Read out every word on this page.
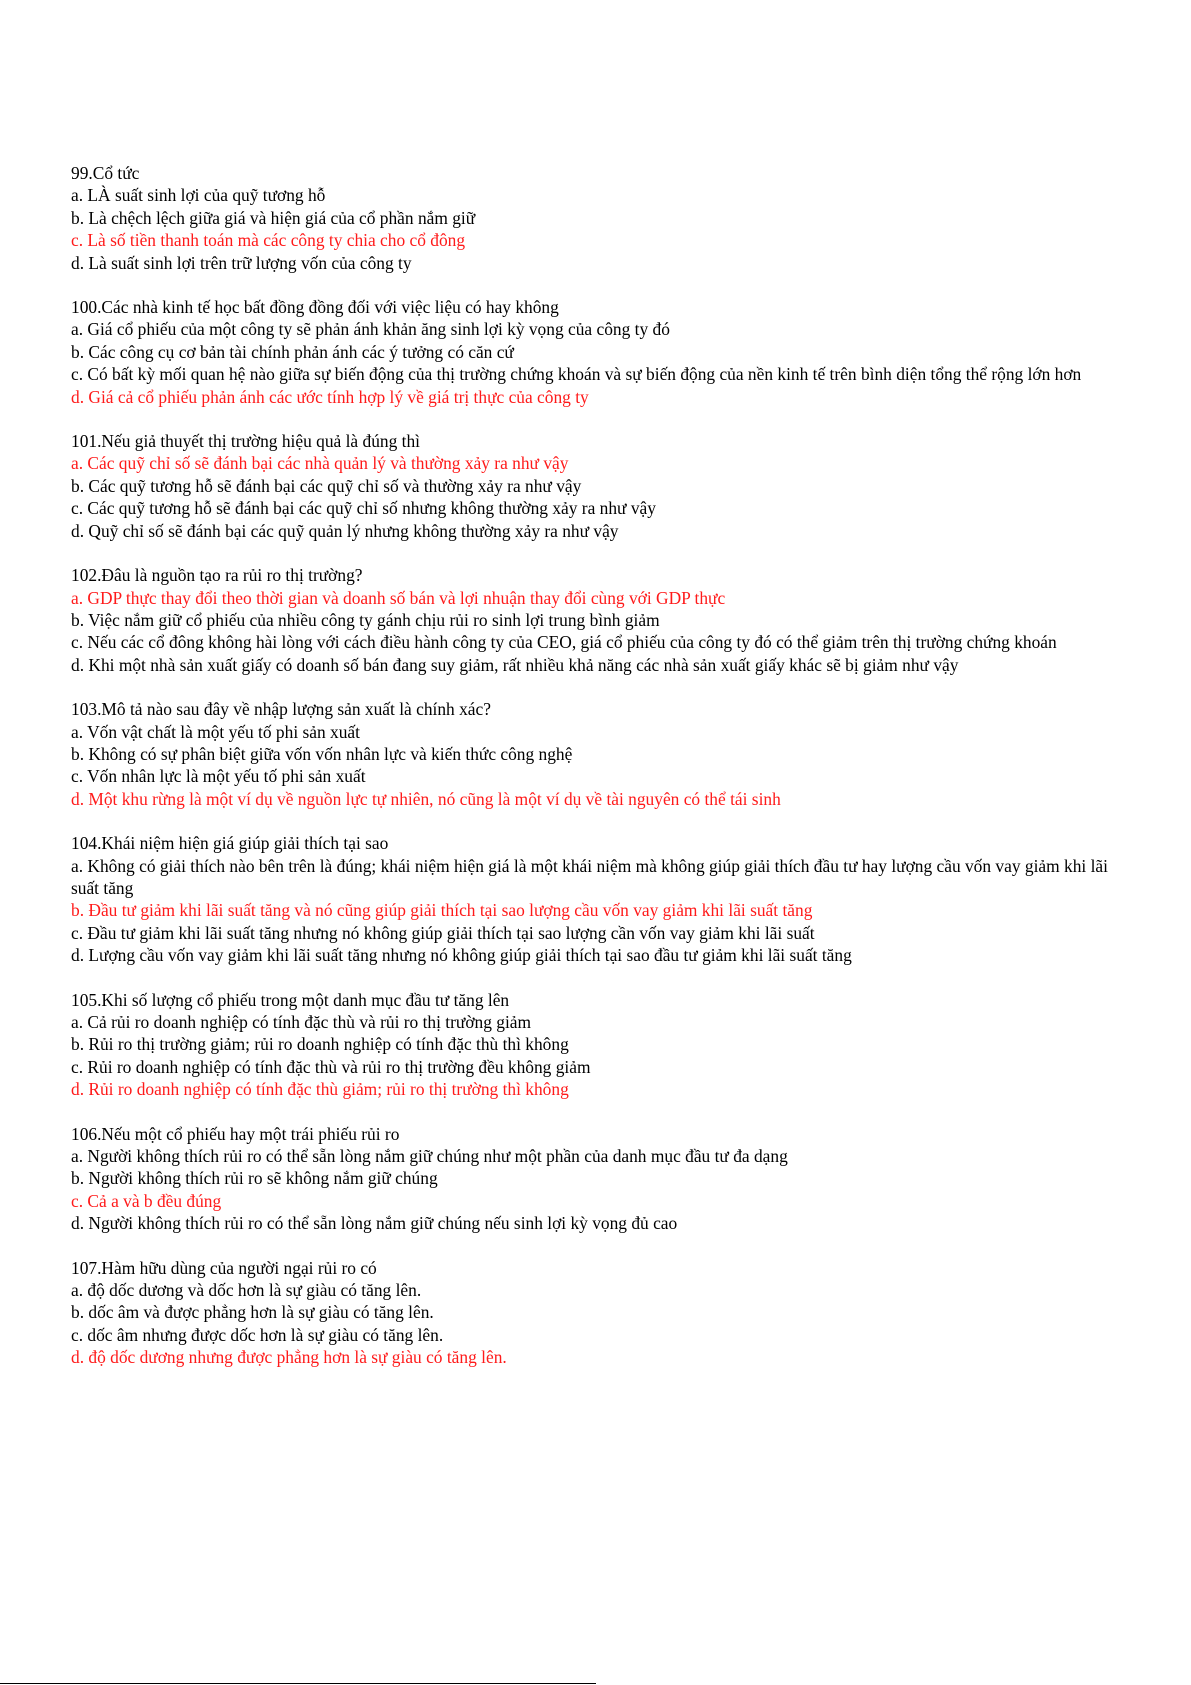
99.Cổ tức
a. LÀ suất sinh lợi của quỹ tương hỗ
b. Là chệch lệch giữa giá và hiện giá của cổ phần nắm giữ
c. Là số tiền thanh toán mà các công ty chia cho cổ đông
d. Là suất sinh lợi trên trữ lượng vốn của công ty
100.Các nhà kinh tế học bất đồng đồng đối với việc liệu có hay không
a. Giá cổ phiếu của một công ty sẽ phản ánh khản ăng sinh lợi kỳ vọng của công ty đó
b. Các công cụ cơ bản tài chính phản ánh các ý tưởng có căn cứ
c. Có bất kỳ mối quan hệ nào giữa sự biến động của thị trường chứng khoán và sự biến động của nền kinh tế trên bình diện tổng thể rộng lớn hơn
d. Giá cả cổ phiếu phản ánh các ước tính hợp lý về giá trị thực của công ty
101.Nếu giả thuyết thị trường hiệu quả là đúng thì
a. Các quỹ chỉ số sẽ đánh bại các nhà quản lý và thường xảy ra như vậy
b. Các quỹ tương hỗ sẽ đánh bại các quỹ chỉ số và thường xảy ra như vậy
c. Các quỹ tương hỗ sẽ đánh bại các quỹ chỉ số nhưng không thường xảy ra như vậy
d. Quỹ chỉ số sẽ đánh bại các quỹ quản lý nhưng không thường xảy ra như vậy
102.Đâu là nguồn tạo ra rủi ro thị trường?
a. GDP thực thay đổi theo thời gian và doanh số bán và lợi nhuận thay đổi cùng với GDP thực
b. Việc nắm giữ cổ phiếu của nhiều công ty gánh chịu rủi ro sinh lợi trung bình giảm
c. Nếu các cổ đông không hài lòng với cách điều hành công ty của CEO, giá cổ phiếu của công ty đó có thể giảm trên thị trường chứng khoán
d. Khi một nhà sản xuất giấy có doanh số bán đang suy giảm, rất nhiều khả năng các nhà sản xuất giấy khác sẽ bị giảm như vậy
103.Mô tả nào sau đây về nhập lượng sản xuất là chính xác?
a. Vốn vật chất là một yếu tố phi sản xuất
b. Không có sự phân biệt giữa vốn vốn nhân lực và kiến thức công nghệ
c. Vốn nhân lực là một yếu tố phi sản xuất
d. Một khu rừng là một ví dụ về nguồn lực tự nhiên, nó cũng là một ví dụ về tài nguyên có thể tái sinh
104.Khái niệm hiện giá giúp giải thích tại sao
a. Không có giải thích nào bên trên là đúng; khái niệm hiện giá là một khái niệm mà không giúp giải thích đầu tư hay lượng cầu vốn vay giảm khi lãi suất tăng
b. Đầu tư giảm khi lãi suất tăng và nó cũng giúp giải thích tại sao lượng cầu vốn vay giảm khi lãi suất tăng
c. Đầu tư giảm khi lãi suất tăng nhưng nó không giúp giải thích tại sao lượng cần vốn vay giảm khi lãi suất
d. Lượng cầu vốn vay giảm khi lãi suất tăng nhưng nó không giúp giải thích tại sao đầu tư giảm khi lãi suất tăng
105.Khi số lượng cổ phiếu trong một danh mục đầu tư tăng lên
a. Cả rủi ro doanh nghiệp có tính đặc thù và rủi ro thị trường giảm
b. Rủi ro thị trường giảm; rủi ro doanh nghiệp có tính đặc thù thì không
c. Rủi ro doanh nghiệp có tính đặc thù và rủi ro thị trường đều không giảm
d. Rủi ro doanh nghiệp có tính đặc thù giảm; rủi ro thị trường thì không
106.Nếu một cổ phiếu hay một trái phiếu rủi ro
a. Người không thích rủi ro có thể sẵn lòng nắm giữ chúng như một phần của danh mục đầu tư đa dạng
b. Người không thích rủi ro sẽ không nắm giữ chúng
c. Cả a và b đều đúng
d. Người không thích rủi ro có thể sẵn lòng nắm giữ chúng nếu sinh lợi kỳ vọng đủ cao
107.Hàm hữu dùng của người ngại rủi ro có
a. độ dốc dương và dốc hơn là sự giàu có tăng lên.
b. dốc âm và được phẳng hơn là sự giàu có tăng lên.
c. dốc âm nhưng được dốc hơn là sự giàu có tăng lên.
d. độ dốc dương nhưng được phẳng hơn là sự giàu có tăng lên.
